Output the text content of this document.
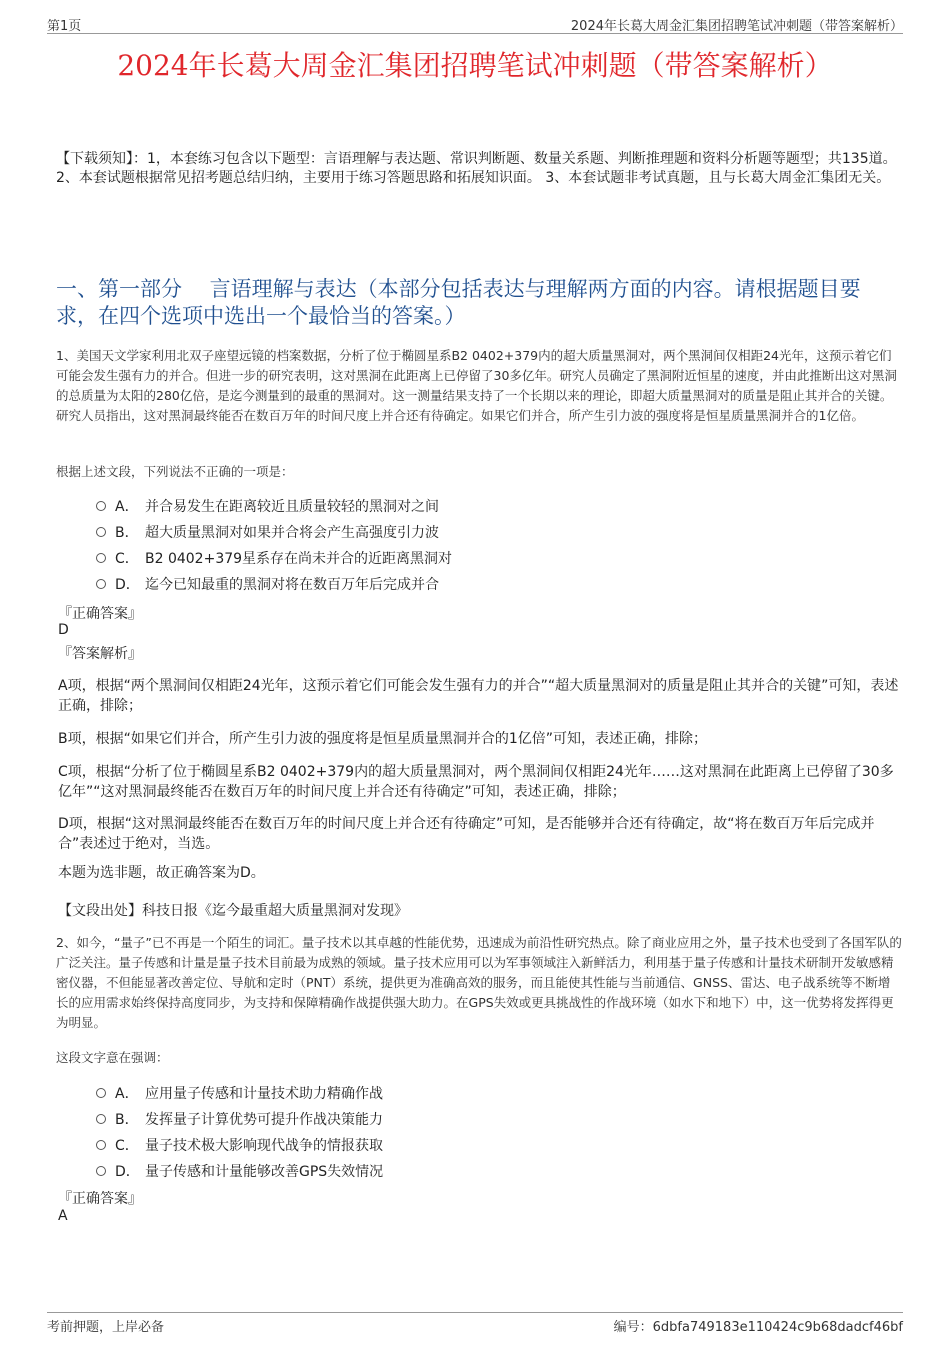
第1页	2024年长葛大周金汇集团招聘笔试冲刺题（带答案解析）
2024年长葛大周金汇集团招聘笔试冲刺题（带答案解析）
【下载须知】：1，本套练习包含以下题型：言语理解与表达题、常识判断题、数量关系题、判断推理题和资料分析题等题型；共135道。 2、本套试题根据常见招考题总结归纳，主要用于练习答题思路和拓展知识面。 3、本套试题非考试真题，且与长葛大周金汇集团无关。
一、第一部分　 言语理解与表达（本部分包括表达与理解两方面的内容。请根据题目要求，在四个选项中选出一个最恰当的答案。）
1、美国天文学家利用北双子座望远镜的档案数据，分析了位于椭圆星系B2 0402+379内的超大质量黑洞对，两个黑洞间仅相距24光年，这预示着它们可能会发生强有力的并合。但进一步的研究表明，这对黑洞在此距离上已停留了30多亿年。研究人员确定了黑洞附近恒星的速度，并由此推断出这对黑洞的总质量为太阳的280亿倍，是迄今测量到的最重的黑洞对。这一测量结果支持了一个长期以来的理论，即超大质量黑洞对的质量是阻止其并合的关键。研究人员指出，这对黑洞最终能否在数百万年的时间尺度上并合还有待确定。如果它们并合，所产生引力波的强度将是恒星质量黑洞并合的1亿倍。
根据上述文段，下列说法不正确的一项是：
A． 并合易发生在距离较近且质量较轻的黑洞对之间
B． 超大质量黑洞对如果并合将会产生高强度引力波
C． B2 0402+379星系存在尚未并合的近距离黑洞对
D． 迄今已知最重的黑洞对将在数百万年后完成并合
『正确答案』
D
『答案解析』
A项，根据“两个黑洞间仅相距24光年，这预示着它们可能会发生强有力的并合”“超大质量黑洞对的质量是阻止其并合的关键”可知，表述正确，排除；
B项，根据“如果它们并合，所产生引力波的强度将是恒星质量黑洞并合的1亿倍”可知，表述正确，排除；
C项，根据“分析了位于椭圆星系B2 0402+379内的超大质量黑洞对，两个黑洞间仅相距24光年……这对黑洞在此距离上已停留了30多亿年”“这对黑洞最终能否在数百万年的时间尺度上并合还有待确定”可知，表述正确，排除；
D项，根据“这对黑洞最终能否在数百万年的时间尺度上并合还有待确定”可知，是否能够并合还有待确定，故“将在数百万年后完成并合”表述过于绝对，当选。
本题为选非题，故正确答案为D。
【文段出处】科技日报《迄今最重超大质量黑洞对发现》
2、如今，“量子”已不再是一个陌生的词汇。量子技术以其卓越的性能优势，迅速成为前沿性研究热点。除了商业应用之外，量子技术也受到了各国军队的广泛关注。量子传感和计量是量子技术目前最为成熟的领域。量子技术应用可以为军事领域注入新鲜活力，利用基于量子传感和计量技术研制开发敏感精密仪器，不但能显著改善定位、导航和定时（PNT）系统，提供更为准确高效的服务，而且能使其性能与当前通信、GNSS、雷达、电子战系统等不断增长的应用需求始终保持高度同步，为支持和保障精确作战提供强大助力。在GPS失效或更具挑战性的作战环境（如水下和地下）中，这一优势将发挥得更为明显。
这段文字意在强调：
A． 应用量子传感和计量技术助力精确作战
B． 发挥量子计算优势可提升作战决策能力
C． 量子技术极大影响现代战争的情报获取
D． 量子传感和计量能够改善GPS失效情况
『正确答案』
A
考前押题，上岸必备	编号：6dbfa749183e110424c9b68dadcf46bf
